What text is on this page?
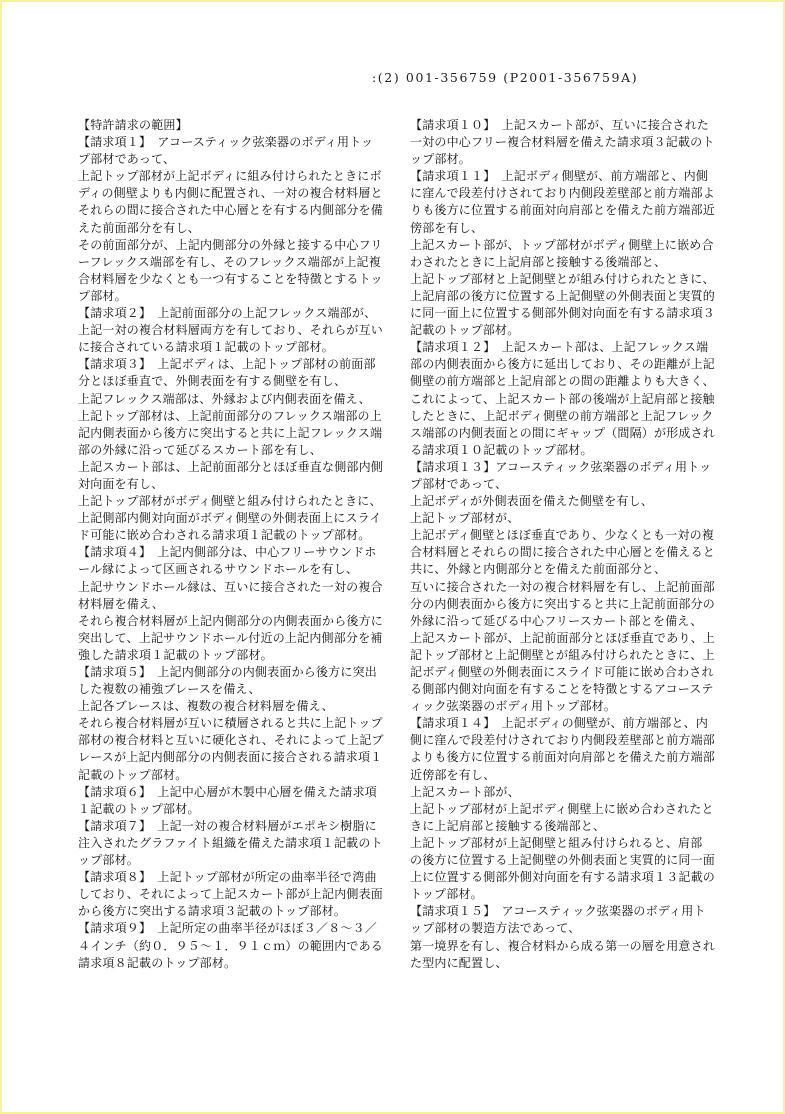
:(2) 001-356759 (P2001-356759A)
【特許請求の範囲】
【請求項１】　アコースティック弦楽器のボディ用トッ
プ部材であって、
上記トップ部材が上記ボディに組み付けられたときにボ
ディの側壁よりも内側に配置され、一対の複合材料層と
それらの間に接合された中心層とを有する内側部分を備
えた前面部分を有し、
その前面部分が、上記内側部分の外縁と接する中心フリ
ーフレックス端部を有し、そのフレックス端部が上記複
合材料層を少なくとも一つ有することを特徴とするトッ
プ部材。
【請求項２】　上記前面部分の上記フレックス端部が、
上記一対の複合材料層両方を有しており、それらが互い
に接合されている請求項１記載のトップ部材。
【請求項３】　上記ボディは、上記トップ部材の前面部
分とほぼ垂直で、外側表面を有する側壁を有し、
上記フレックス端部は、外縁および内側表面を備え、
上記トップ部材は、上記前面部分のフレックス端部の上
記内側表面から後方に突出すると共に上記フレックス端
部の外縁に沿って延びるスカート部を有し、
上記スカート部は、上記前面部分とほぼ垂直な側部内側
対向面を有し、
上記トップ部材がボディ側壁と組み付けられたときに、
上記側部内側対向面がボディ側壁の外側表面上にスライ
ド可能に嵌め合わされる請求項１記載のトップ部材。
【請求項４】　上記内側部分は、中心フリーサウンドホ
ール縁によって区画されるサウンドホールを有し、
上記サウンドホール縁は、互いに接合された一対の複合
材料層を備え、
それら複合材料層が上記内側部分の内側表面から後方に
突出して、上記サウンドホール付近の上記内側部分を補
強した請求項１記載のトップ部材。
【請求項５】　上記内側部分の内側表面から後方に突出
した複数の補強ブレースを備え、
上記各ブレースは、複数の複合材料層を備え、
それら複合材料層が互いに積層されると共に上記トップ
部材の複合材料と互いに硬化され、それによって上記ブ
レースが上記内側部分の内側表面に接合される請求項１
記載のトップ部材。
【請求項６】　上記中心層が木製中心層を備えた請求項
１記載のトップ部材。
【請求項７】　上記一対の複合材料層がエポキシ樹脂に
注入されたグラファイト組織を備えた請求項１記載のト
ップ部材。
【請求項８】　上記トップ部材が所定の曲率半径で湾曲
しており、それによって上記スカート部が上記内側表面
から後方に突出する請求項３記載のトップ部材。
【請求項９】　上記所定の曲率半径がほぼ３／８〜３／
４インチ（約０．９５〜１．９１ｃｍ）の範囲内である
請求項８記載のトップ部材。
【請求項１０】　上記スカート部が、互いに接合された
一対の中心フリー複合材料層を備えた請求項３記載のト
ップ部材。
【請求項１１】　上記ボディ側壁が、前方端部と、内側
に窪んで段差付けされており内側段差壁部と前方端部よ
りも後方に位置する前面対向肩部とを備えた前方端部近
傍部を有し、
上記スカート部が、トップ部材がボディ側壁上に嵌め合
わされたときに上記肩部と接触する後端部と、
上記トップ部材と上記側壁とが組み付けられたときに、
上記肩部の後方に位置する上記側壁の外側表面と実質的
に同一面上に位置する側部外側対向面を有する請求項３
記載のトップ部材。
【請求項１２】　上記スカート部は、上記フレックス端
部の内側表面から後方に延出しており、その距離が上記
側壁の前方端部と上記肩部との間の距離よりも大きく、
これによって、上記スカート部の後端が上記肩部と接触
したときに、上記ボディ側壁の前方端部と上記フレック
ス端部の内側表面との間にギャップ（間隔）が形成され
る請求項１０記載のトップ部材。
【請求項１３】アコースティック弦楽器のボディ用トッ
プ部材であって、
上記ボディが外側表面を備えた側壁を有し、
上記トップ部材が、
上記ボディ側壁とほぼ垂直であり、少なくとも一対の複
合材料層とそれらの間に接合された中心層とを備えると
共に、外縁と内側部分とを備えた前面部分と、
互いに接合された一対の複合材料層を有し、上記前面部
分の内側表面から後方に突出すると共に上記前面部分の
外縁に沿って延びる中心フリースカート部とを備え、
上記スカート部が、上記前面部分とほぼ垂直であり、上
記トップ部材と上記側壁とが組み付けられたときに、上
記ボディ側壁の外側表面にスライド可能に嵌め合わされ
る側部内側対向面を有することを特徴とするアコーステ
ィック弦楽器のボディ用トップ部材。
【請求項１４】　上記ボディの側壁が、前方端部と、内
側に窪んで段差付けされており内側段差壁部と前方端部
よりも後方に位置する前面対向肩部とを備えた前方端部
近傍部を有し、
上記スカート部が、
上記トップ部材が上記ボディ側壁上に嵌め合わされたと
きに上記肩部と接触する後端部と、
上記トップ部材が上記側壁と組み付けられると、肩部
の後方に位置する上記側壁の外側表面と実質的に同一面
上に位置する側部外側対向面を有する請求項１３記載の
トップ部材。
【請求項１５】　アコースティック弦楽器のボディ用ト
ップ部材の製造方法であって、
第一境界を有し、複合材料から成る第一の層を用意され
た型内に配置し、
